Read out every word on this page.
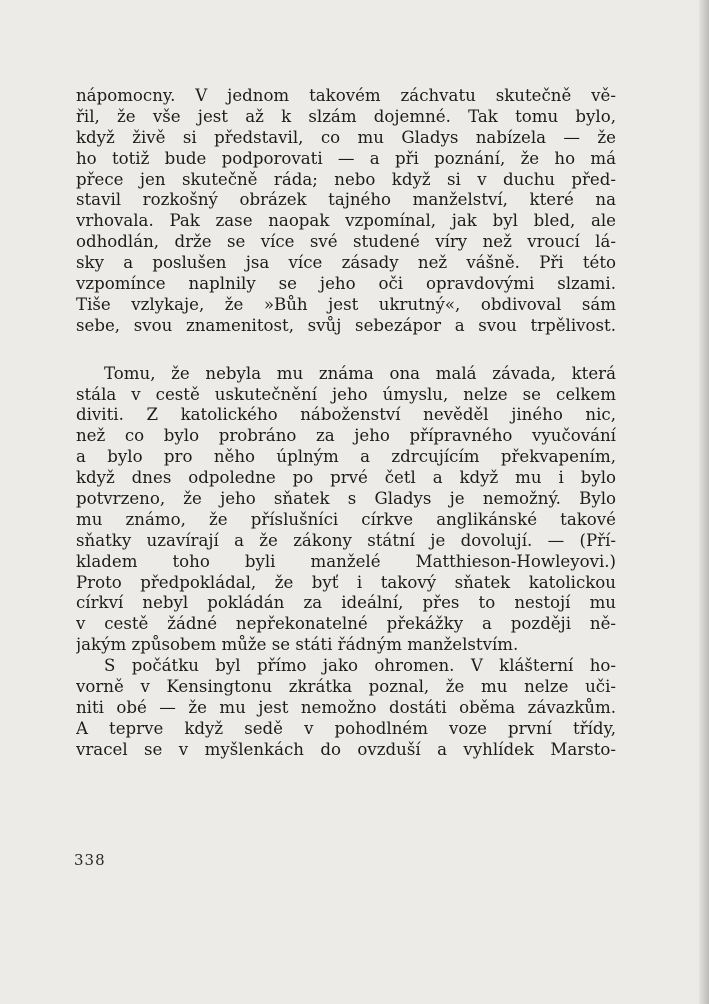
nápomocny. V jednom takovém záchvatu skutečně vě-
řil, že vše jest až k slzám dojemné. Tak tomu bylo,
když živě si představil, co mu Gladys nabízela — že
ho totiž bude podporovati — a při poznání, že ho má
přece jen skutečně ráda; nebo když si v duchu před-
stavil rozkošný obrázek tajného manželství, které na
vrhovala. Pak zase naopak vzpomínal, jak byl bled, ale
odhodlán, drže se více své studené víry než vroucí lá-
sky a poslušen jsa více zásady než vášně. Při této
vzpomínce naplnily se jeho oči opravdovými slzami.
Tiše vzlykaje, že »Bůh jest ukrutný«, obdivoval sám
sebe, svou znamenitost, svůj sebezápor a svou trpělivost.
Tomu, že nebyla mu známa ona malá závada, která
stála v cestě uskutečnění jeho úmyslu, nelze se celkem
diviti. Z katolického náboženství nevěděl jiného nic,
než co bylo probráno za jeho přípravného vyučování
a bylo pro něho úplným a zdrcujícím překvapením,
když dnes odpoledne po prvé četl a když mu i bylo
potvrzeno, že jeho sňatek s Gladys je nemožný. Bylo
mu známo, že příslušníci církve anglikánské takové
sňatky uzavírají a že zákony státní je dovolují. — (Pří-
kladem toho byli manželé Matthieson-Howleyovi.)
Proto předpokládal, že byť i takový sňatek katolickou
církví nebyl pokládán za ideální, přes to nestojí mu
v cestě žádné nepřekonatelné překážky a později ně-
jakým způsobem může se státi řádným manželstvím.
S počátku byl přímo jako ohromen. V klášterní ho-
vorně v Kensingtonu zkrátka poznal, že mu nelze uči-
niti obé — že mu jest nemožno dostáti oběma závazkům.
A teprve když sedě v pohodlném voze první třídy,
vracel se v myšlenkách do ovzduší a vyhlídek Marsto-
338
